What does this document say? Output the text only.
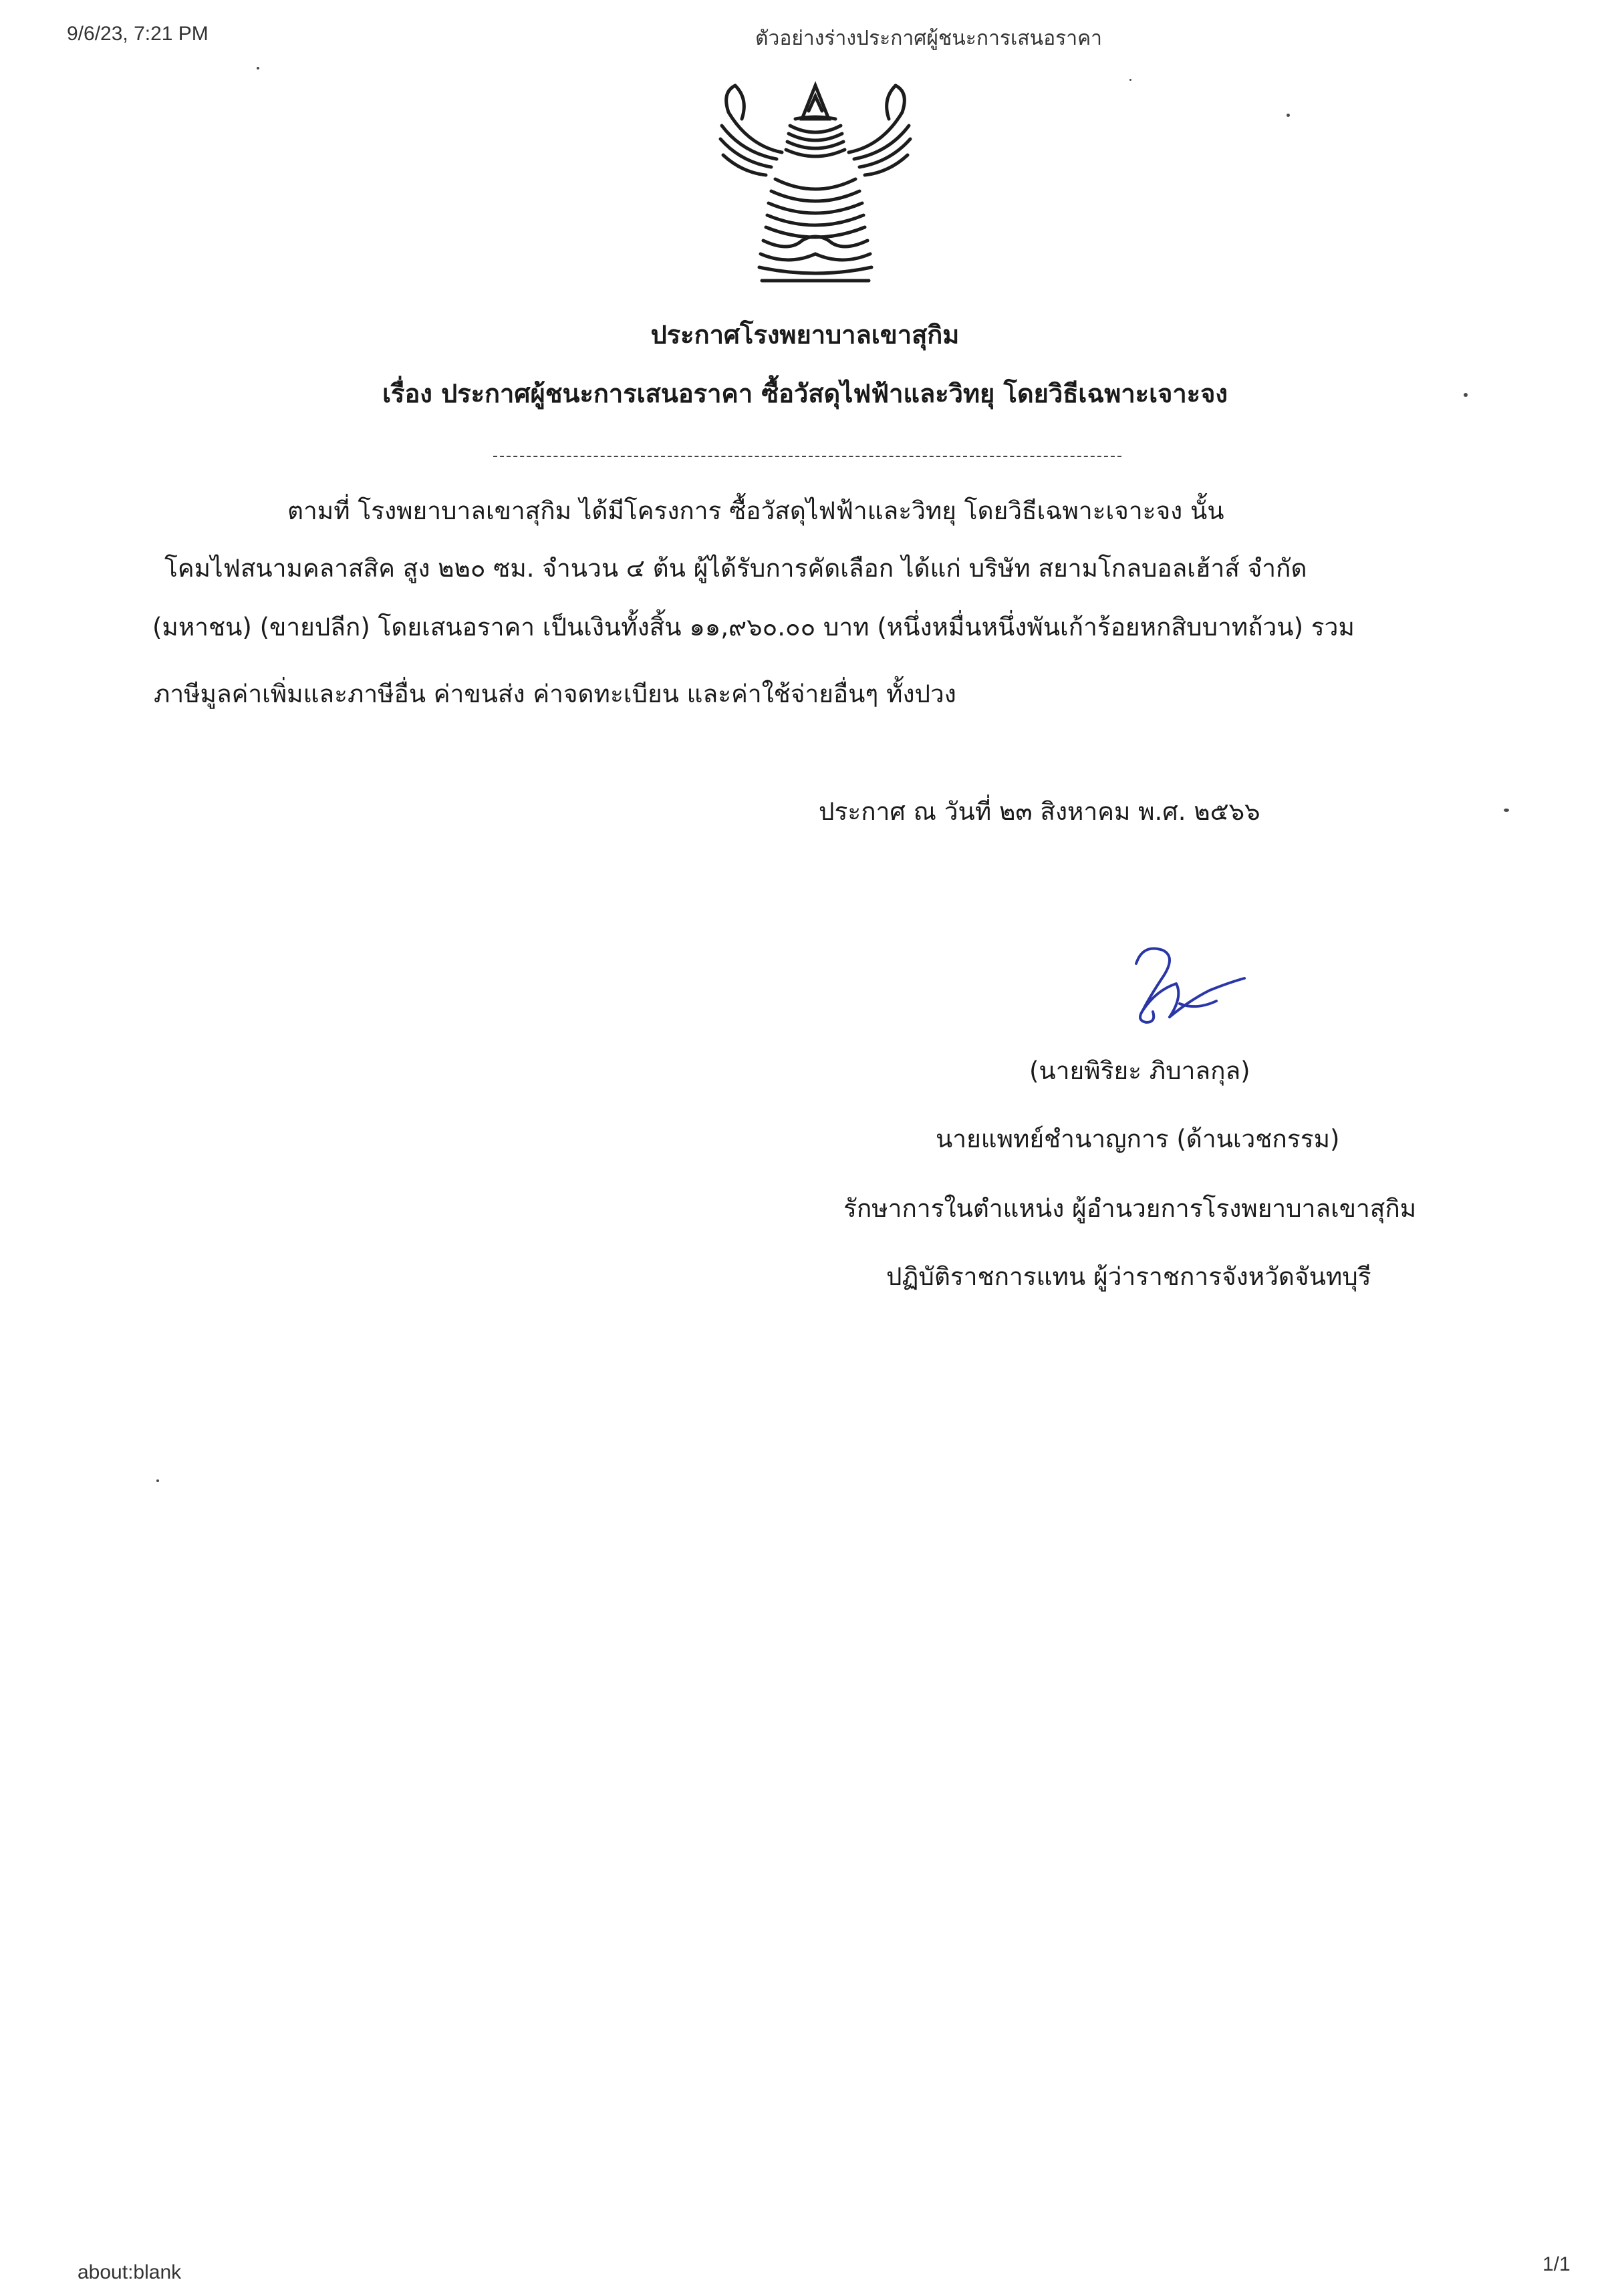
9/6/23, 7:21 PM	ตัวอย่างร่างประกาศผู้ชนะการเสนอราคา
about:blank	1/1
ประกาศโรงพยาบาลเขาสุกิม
เรื่อง ประกาศผู้ชนะการเสนอราคา ซื้อวัสดุไฟฟ้าและวิทยุ โดยวิธีเฉพาะเจาะจง
ตามที่ โรงพยาบาลเขาสุกิม ได้มีโครงการ ซื้อวัสดุไฟฟ้าและวิทยุ โดยวิธีเฉพาะเจาะจง นั้น
โคมไฟสนามคลาสสิค สูง ๒๒๐ ซม. จำนวน ๔ ต้น ผู้ได้รับการคัดเลือก ได้แก่ บริษัท สยามโกลบอลเฮ้าส์ จำกัด
(มหาชน) (ขายปลีก) โดยเสนอราคา เป็นเงินทั้งสิ้น ๑๑,๙๖๐.๐๐ บาท (หนึ่งหมื่นหนึ่งพันเก้าร้อยหกสิบบาทถ้วน) รวม
ภาษีมูลค่าเพิ่มและภาษีอื่น ค่าขนส่ง ค่าจดทะเบียน และค่าใช้จ่ายอื่นๆ ทั้งปวง
ประกาศ ณ วันที่ ๒๓ สิงหาคม พ.ศ. ๒๕๖๖
(นายพิริยะ ภิบาลกุล)
นายแพทย์ชำนาญการ (ด้านเวชกรรม)
รักษาการในตำแหน่ง ผู้อำนวยการโรงพยาบาลเขาสุกิม
ปฏิบัติราชการแทน ผู้ว่าราชการจังหวัดจันทบุรี
